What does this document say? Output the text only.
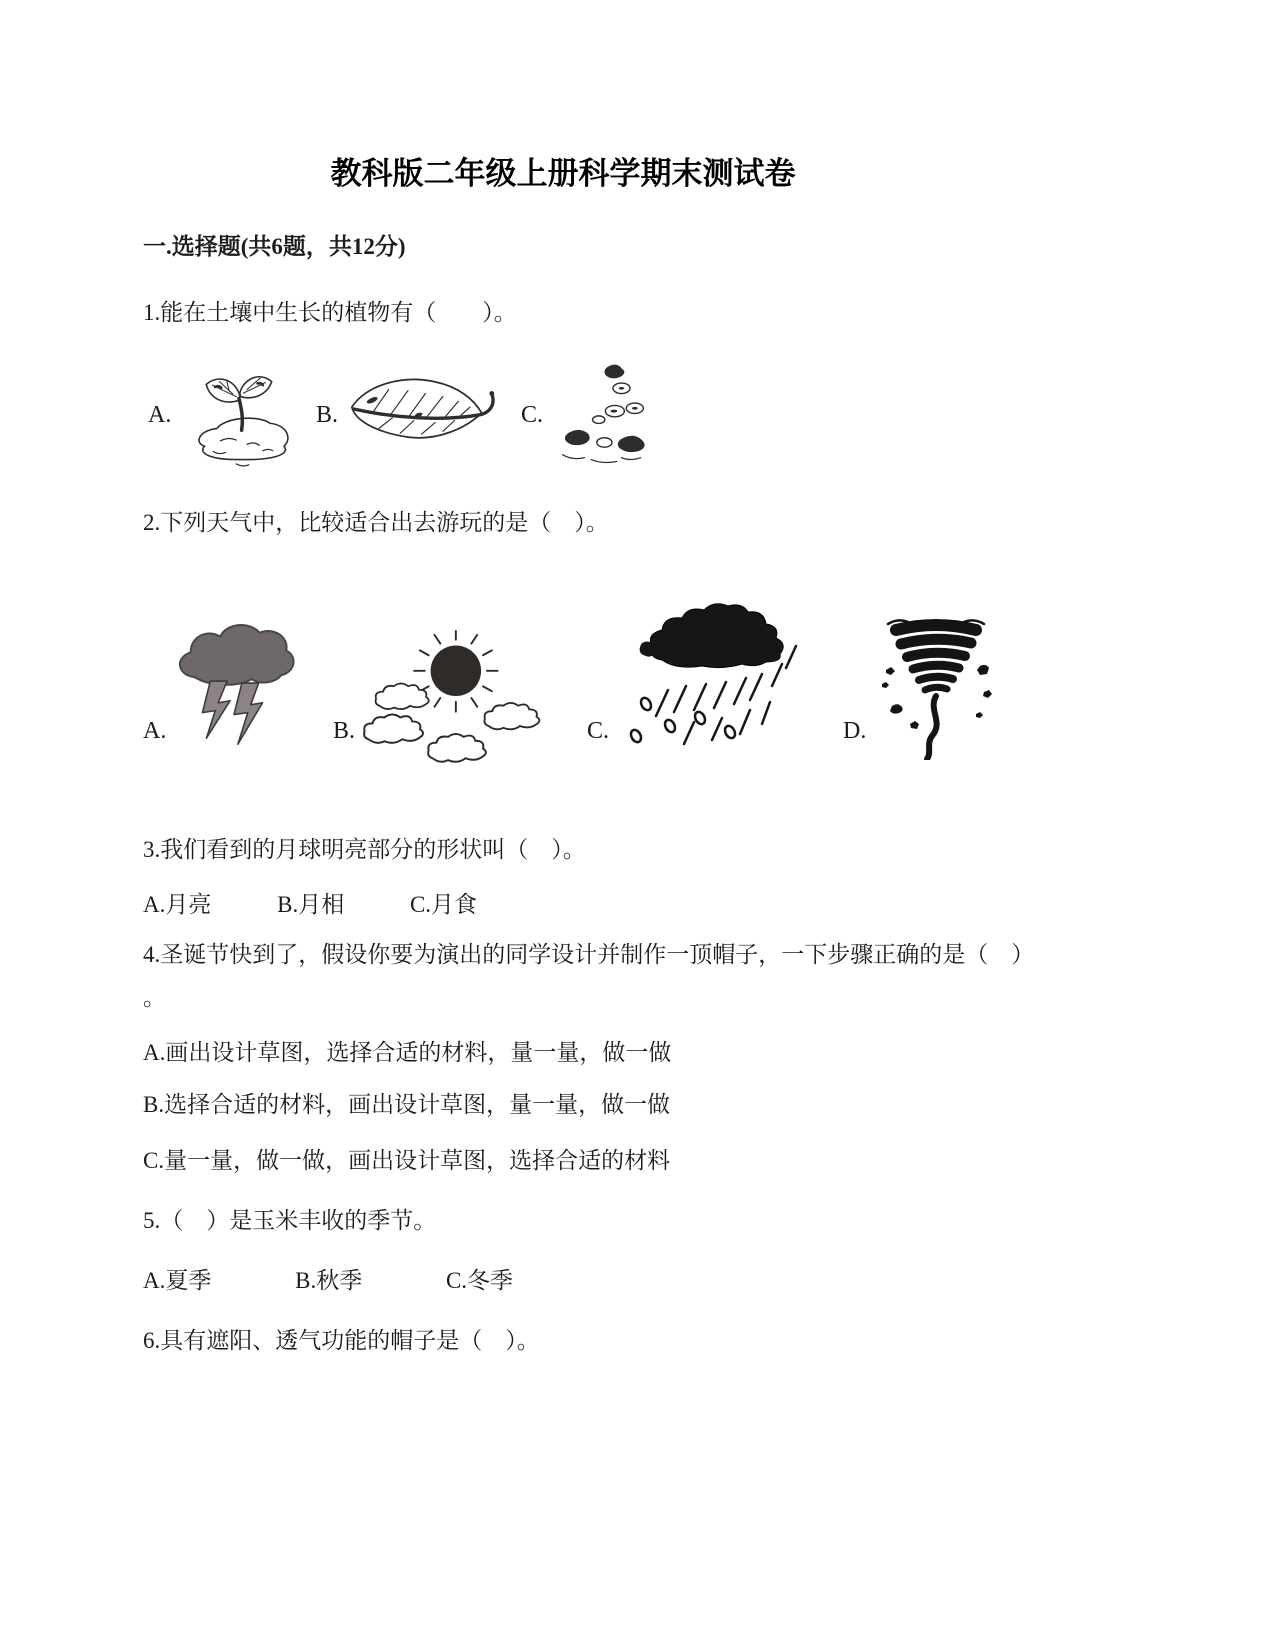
教科版二年级上册科学期末测试卷
一.选择题(共6题，共12分)
1.能在土壤中生长的植物有（　　）。
A.	B.	C.
2.下列天气中，比较适合出去游玩的是（　）。
A.	B.	C.	D.
3.我们看到的月球明亮部分的形状叫（　）。
A.月亮	B.月相	C.月食
4.圣诞节快到了，假设你要为演出的同学设计并制作一顶帽子，一下步骤正确的是（　）
。
A.画出设计草图，选择合适的材料，量一量，做一做
B.选择合适的材料，画出设计草图，量一量，做一做
C.量一量，做一做，画出设计草图，选择合适的材料
5.（　）是玉米丰收的季节。
A.夏季	B.秋季	C.冬季
6.具有遮阳、透气功能的帽子是（　）。
